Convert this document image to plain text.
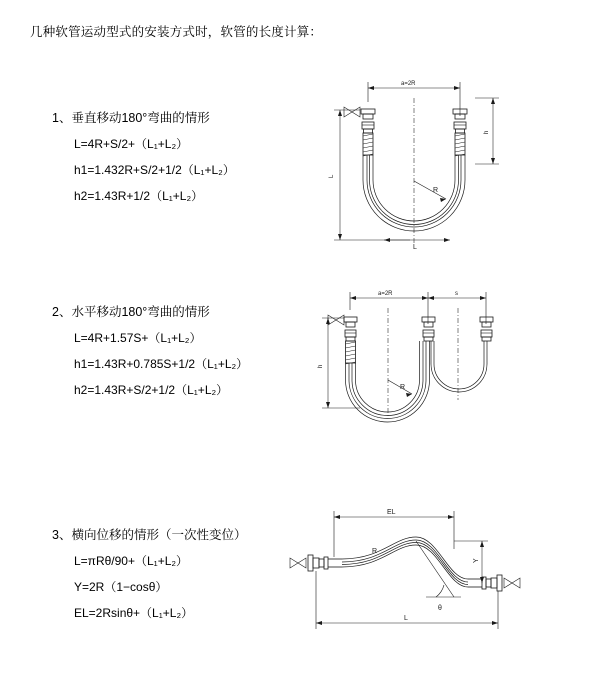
几种软管运动型式的安装方式时，软管的长度计算：
1、垂直移动180°弯曲的情形
L=4R+S/2+（L₁+L₂）
h1=1.432R+S/2+1/2（L₁+L₂）
h2=1.43R+1/2（L₁+L₂）
a=2R
L
h
R
L
2、水平移动180°弯曲的情形
L=4R+1.57S+（L₁+L₂）
h1=1.43R+0.785S+1/2（L₁+L₂）
h2=1.43R+S/2+1/2（L₁+L₂）
a=2R	s
h
R
3、横向位移的情形（一次性变位）
L=πRθ/90+（L₁+L₂）
Y=2R（1−cosθ）
EL=2Rsinθ+（L₁+L₂）
EL
θ
R
Y
L
